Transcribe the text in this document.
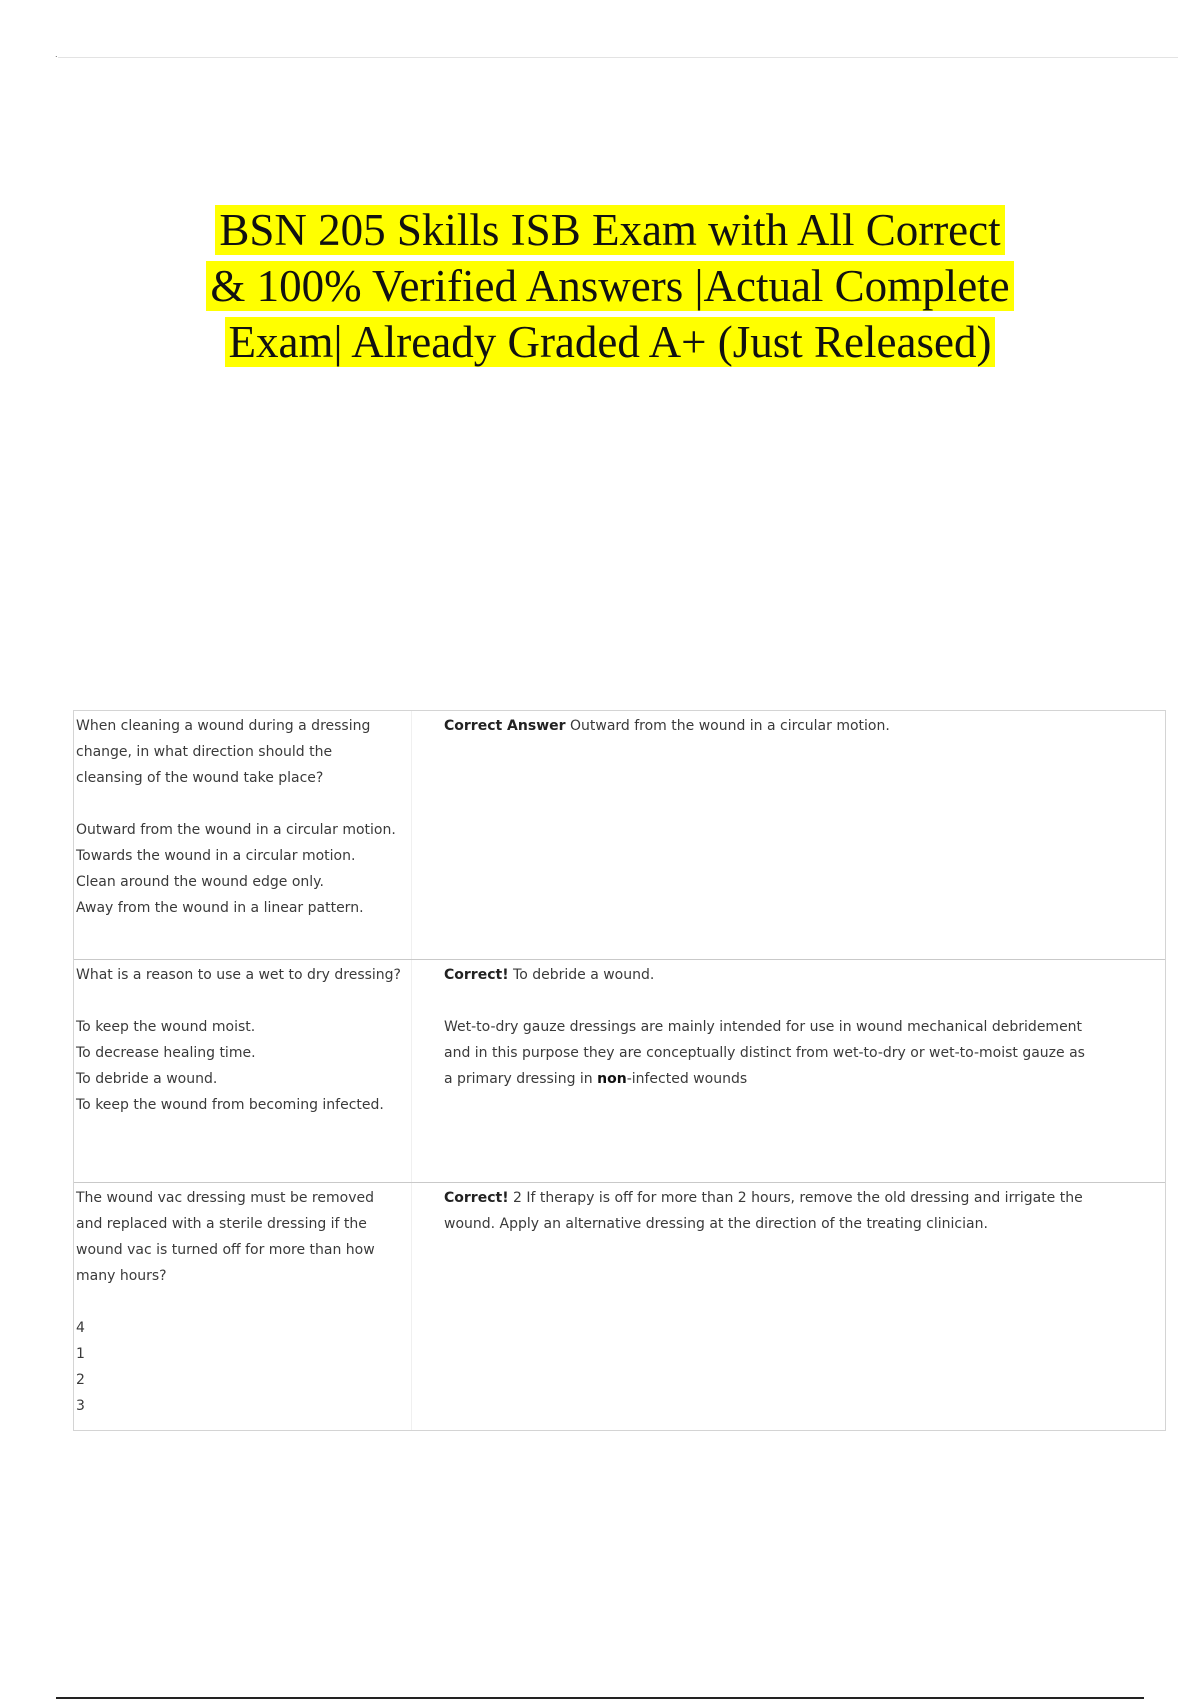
.
BSN 205 Skills ISB Exam with All Correct
& 100% Verified Answers |Actual Complete
Exam| Already Graded A+ (Just Released)
When cleaning a wound during a dressing change, in what direction should the cleansing of the wound take place?
Outward from the wound in a circular motion.
Towards the wound in a circular motion.
Clean around the wound edge only.
Away from the wound in a linear pattern.
Correct Answer Outward from the wound in a circular motion.
What is a reason to use a wet to dry dressing?
To keep the wound moist.
To decrease healing time.
To debride a wound.
To keep the wound from becoming infected.
Correct! To debride a wound.
Wet-to-dry gauze dressings are mainly intended for use in wound mechanical debridement and in this purpose they are conceptually distinct from wet-to-dry or wet-to-moist gauze as a primary dressing in non-infected wounds
The wound vac dressing must be removed and replaced with a sterile dressing if the wound vac is turned off for more than how many hours?
4
1
2
3
Correct! 2 If therapy is off for more than 2 hours, remove the old dressing and irrigate the wound. Apply an alternative dressing at the direction of the treating clinician.
